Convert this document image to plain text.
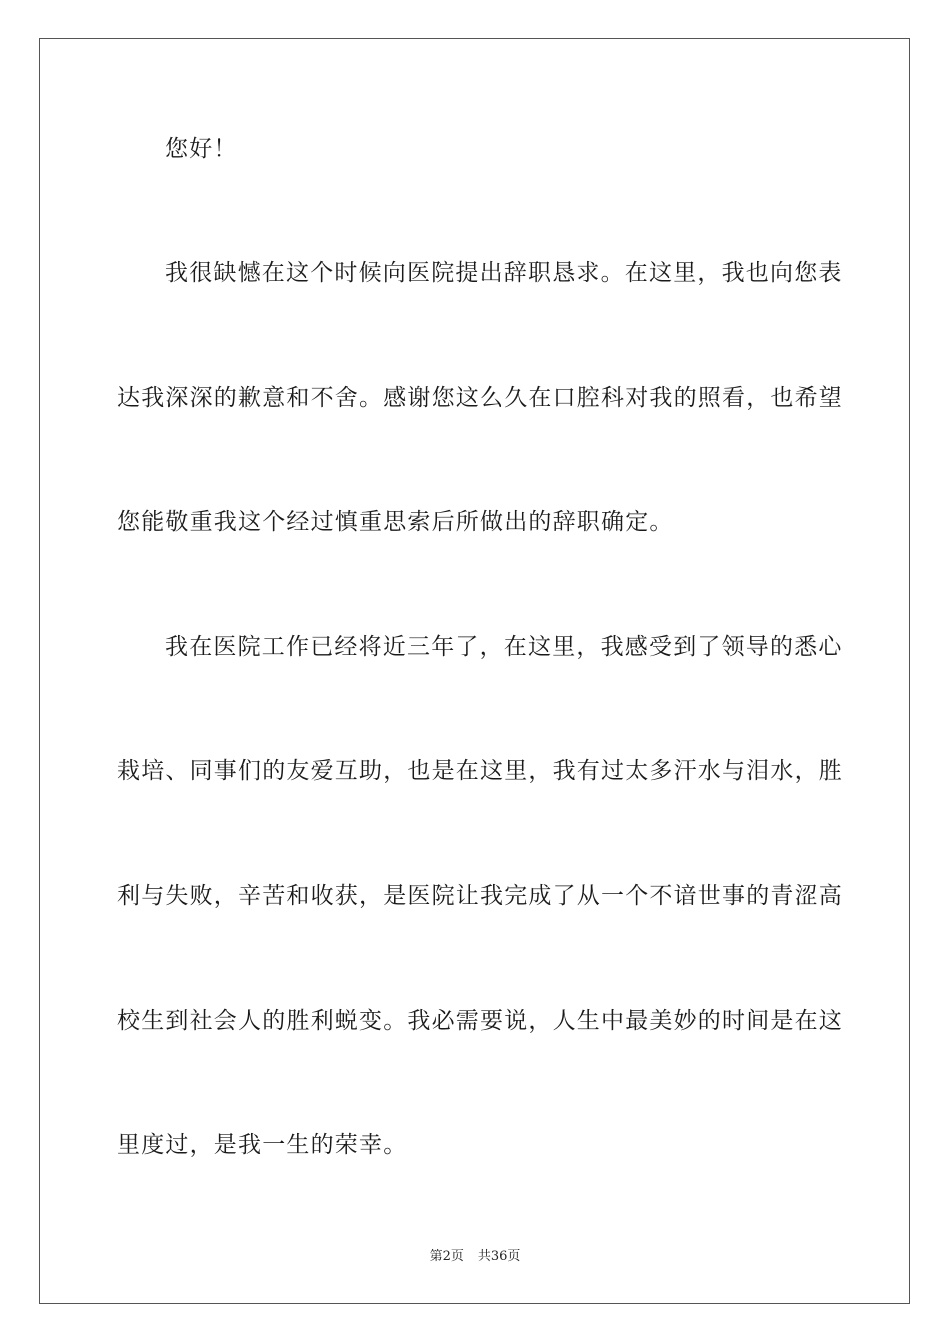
您好！
我很缺憾在这个时候向医院提出辞职恳求。在这里，我也向您表
达我深深的歉意和不舍。感谢您这么久在口腔科对我的照看，也希望
您能敬重我这个经过慎重思索后所做出的辞职确定。
我在医院工作已经将近三年了，在这里，我感受到了领导的悉心
栽培、同事们的友爱互助，也是在这里，我有过太多汗水与泪水，胜
利与失败，辛苦和收获，是医院让我完成了从一个不谙世事的青涩高
校生到社会人的胜利蜕变。我必需要说，人生中最美妙的时间是在这
里度过，是我一生的荣幸。
第2页 共36页
